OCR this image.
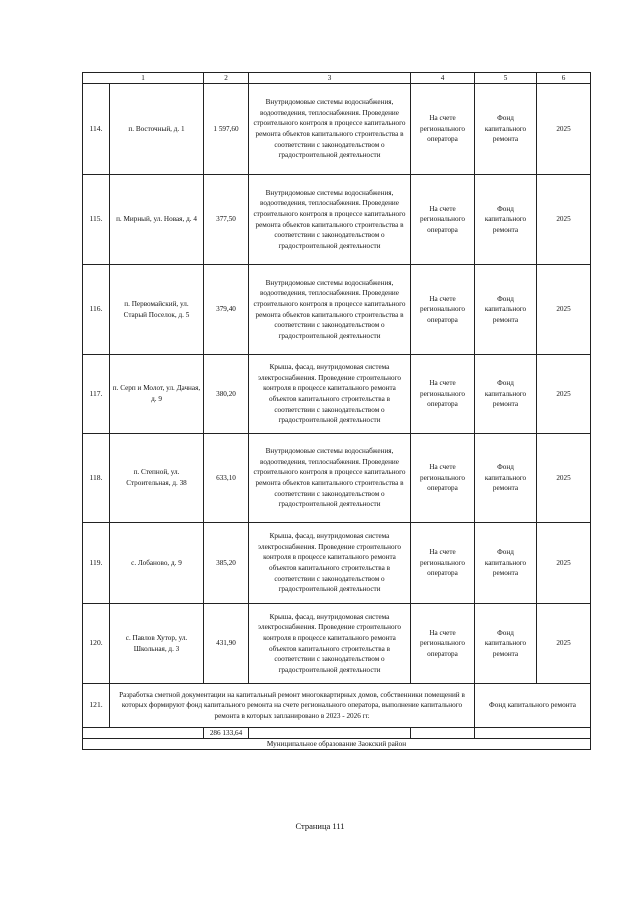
1		2	3	4	5	6
114.	п. Восточный, д. 1	1 597,60	Внутридомовые системы водоснабжения, водоотведения, теплоснабжения. Проведение строительного контроля в процессе капитального ремонта объектов капитального строительства в соответствии с законодательством о градостроительной деятельности	На счете регионального оператора	Фонд капитального ремонта	2025
115.	п. Мирный, ул. Новая, д. 4	377,50	Внутридомовые системы водоснабжения, водоотведения, теплоснабжения. Проведение строительного контроля в процессе капитального ремонта объектов капитального строительства в соответствии с законодательством о градостроительной деятельности	На счете регионального оператора	Фонд капитального ремонта	2025
116.	п. Первомайский, ул. Старый Поселок, д. 5	379,40	Внутридомовые системы водоснабжения, водоотведения, теплоснабжения. Проведение строительного контроля в процессе капитального ремонта объектов капитального строительства в соответствии с законодательством о градостроительной деятельности	На счете регионального оператора	Фонд капитального ремонта	2025
117.	п. Серп и Молот, ул. Дачная, д. 9	380,20	Крыша, фасад, внутридомовая система электроснабжения. Проведение строительного контроля в процессе капитального ремонта объектов капитального строительства в соответствии с законодательством о градостроительной деятельности	На счете регионального оператора	Фонд капитального ремонта	2025
118.	п. Степной, ул. Строительная, д. 38	633,10	Внутридомовые системы водоснабжения, водоотведения, теплоснабжения. Проведение строительного контроля в процессе капитального ремонта объектов капитального строительства в соответствии с законодательством о градостроительной деятельности	На счете регионального оператора	Фонд капитального ремонта	2025
119.	с. Лобаново, д. 9	385,20	Крыша, фасад, внутридомовая система электроснабжения. Проведение строительного контроля в процессе капитального ремонта объектов капитального строительства в соответствии с законодательством о градостроительной деятельности	На счете регионального оператора	Фонд капитального ремонта	2025
120.	с. Павлов Хутор, ул. Школьная, д. 3	431,90	Крыша, фасад, внутридомовая система электроснабжения. Проведение строительного контроля в процессе капитального ремонта объектов капитального строительства в соответствии с законодательством о градостроительной деятельности	На счете регионального оператора	Фонд капитального ремонта	2025
121.	Разработка сметной документации на капитальный ремонт многоквартирных домов, собственники помещений в которых формируют фонд капитального ремонта на счете регионального оператора, выполнение капитального ремонта в которых запланировано в 2023 - 2026 гг.				Фонд капитального ремонта	
		286 133,64				
Муниципальное образование Заокский район						
Страница 111
